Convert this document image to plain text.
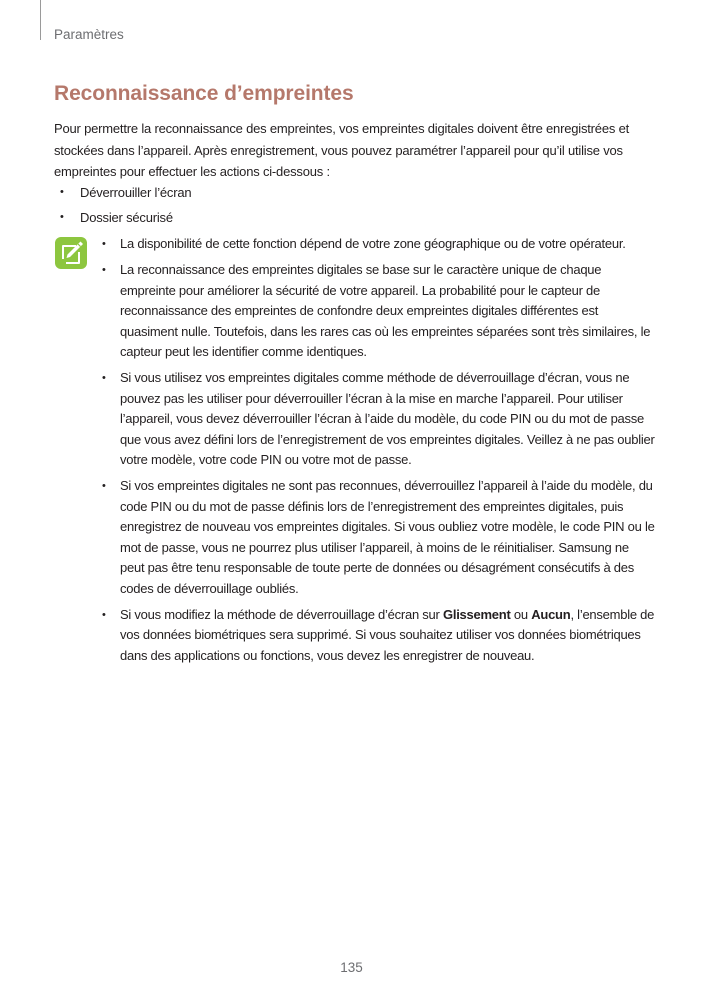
Paramètres
Reconnaissance d’empreintes

Pour permettre la reconnaissance des empreintes, vos empreintes digitales doivent être enregistrées et stockées dans l’appareil. Après enregistrement, vous pouvez paramétrer l’appareil pour qu’il utilise vos empreintes pour effectuer les actions ci-dessous :

• Déverrouiller l’écran
• Dossier sécurisé
• La disponibilité de cette fonction dépend de votre zone géographique ou de votre opérateur.
• La reconnaissance des empreintes digitales se base sur le caractère unique de chaque empreinte pour améliorer la sécurité de votre appareil. La probabilité pour le capteur de reconnaissance des empreintes de confondre deux empreintes digitales différentes est quasiment nulle. Toutefois, dans les rares cas où les empreintes séparées sont très similaires, le capteur peut les identifier comme identiques.
• Si vous utilisez vos empreintes digitales comme méthode de déverrouillage d’écran, vous ne pouvez pas les utiliser pour déverrouiller l’écran à la mise en marche l’appareil. Pour utiliser l’appareil, vous devez déverrouiller l’écran à l’aide du modèle, du code PIN ou du mot de passe que vous avez défini lors de l’enregistrement de vos empreintes digitales. Veillez à ne pas oublier votre modèle, votre code PIN ou votre mot de passe.
• Si vos empreintes digitales ne sont pas reconnues, déverrouillez l’appareil à l’aide du modèle, du code PIN ou du mot de passe définis lors de l’enregistrement des empreintes digitales, puis enregistrez de nouveau vos empreintes digitales. Si vous oubliez votre modèle, le code PIN ou le mot de passe, vous ne pourrez plus utiliser l’appareil, à moins de le réinitialiser. Samsung ne peut pas être tenu responsable de toute perte de données ou désagrément consécutifs à des codes de déverrouillage oubliés.
• Si vous modifiez la méthode de déverrouillage d’écran sur Glissement ou Aucun, l’ensemble de vos données biométriques sera supprimé. Si vous souhaitez utiliser vos données biométriques dans des applications ou fonctions, vous devez les enregistrer de nouveau.
135
